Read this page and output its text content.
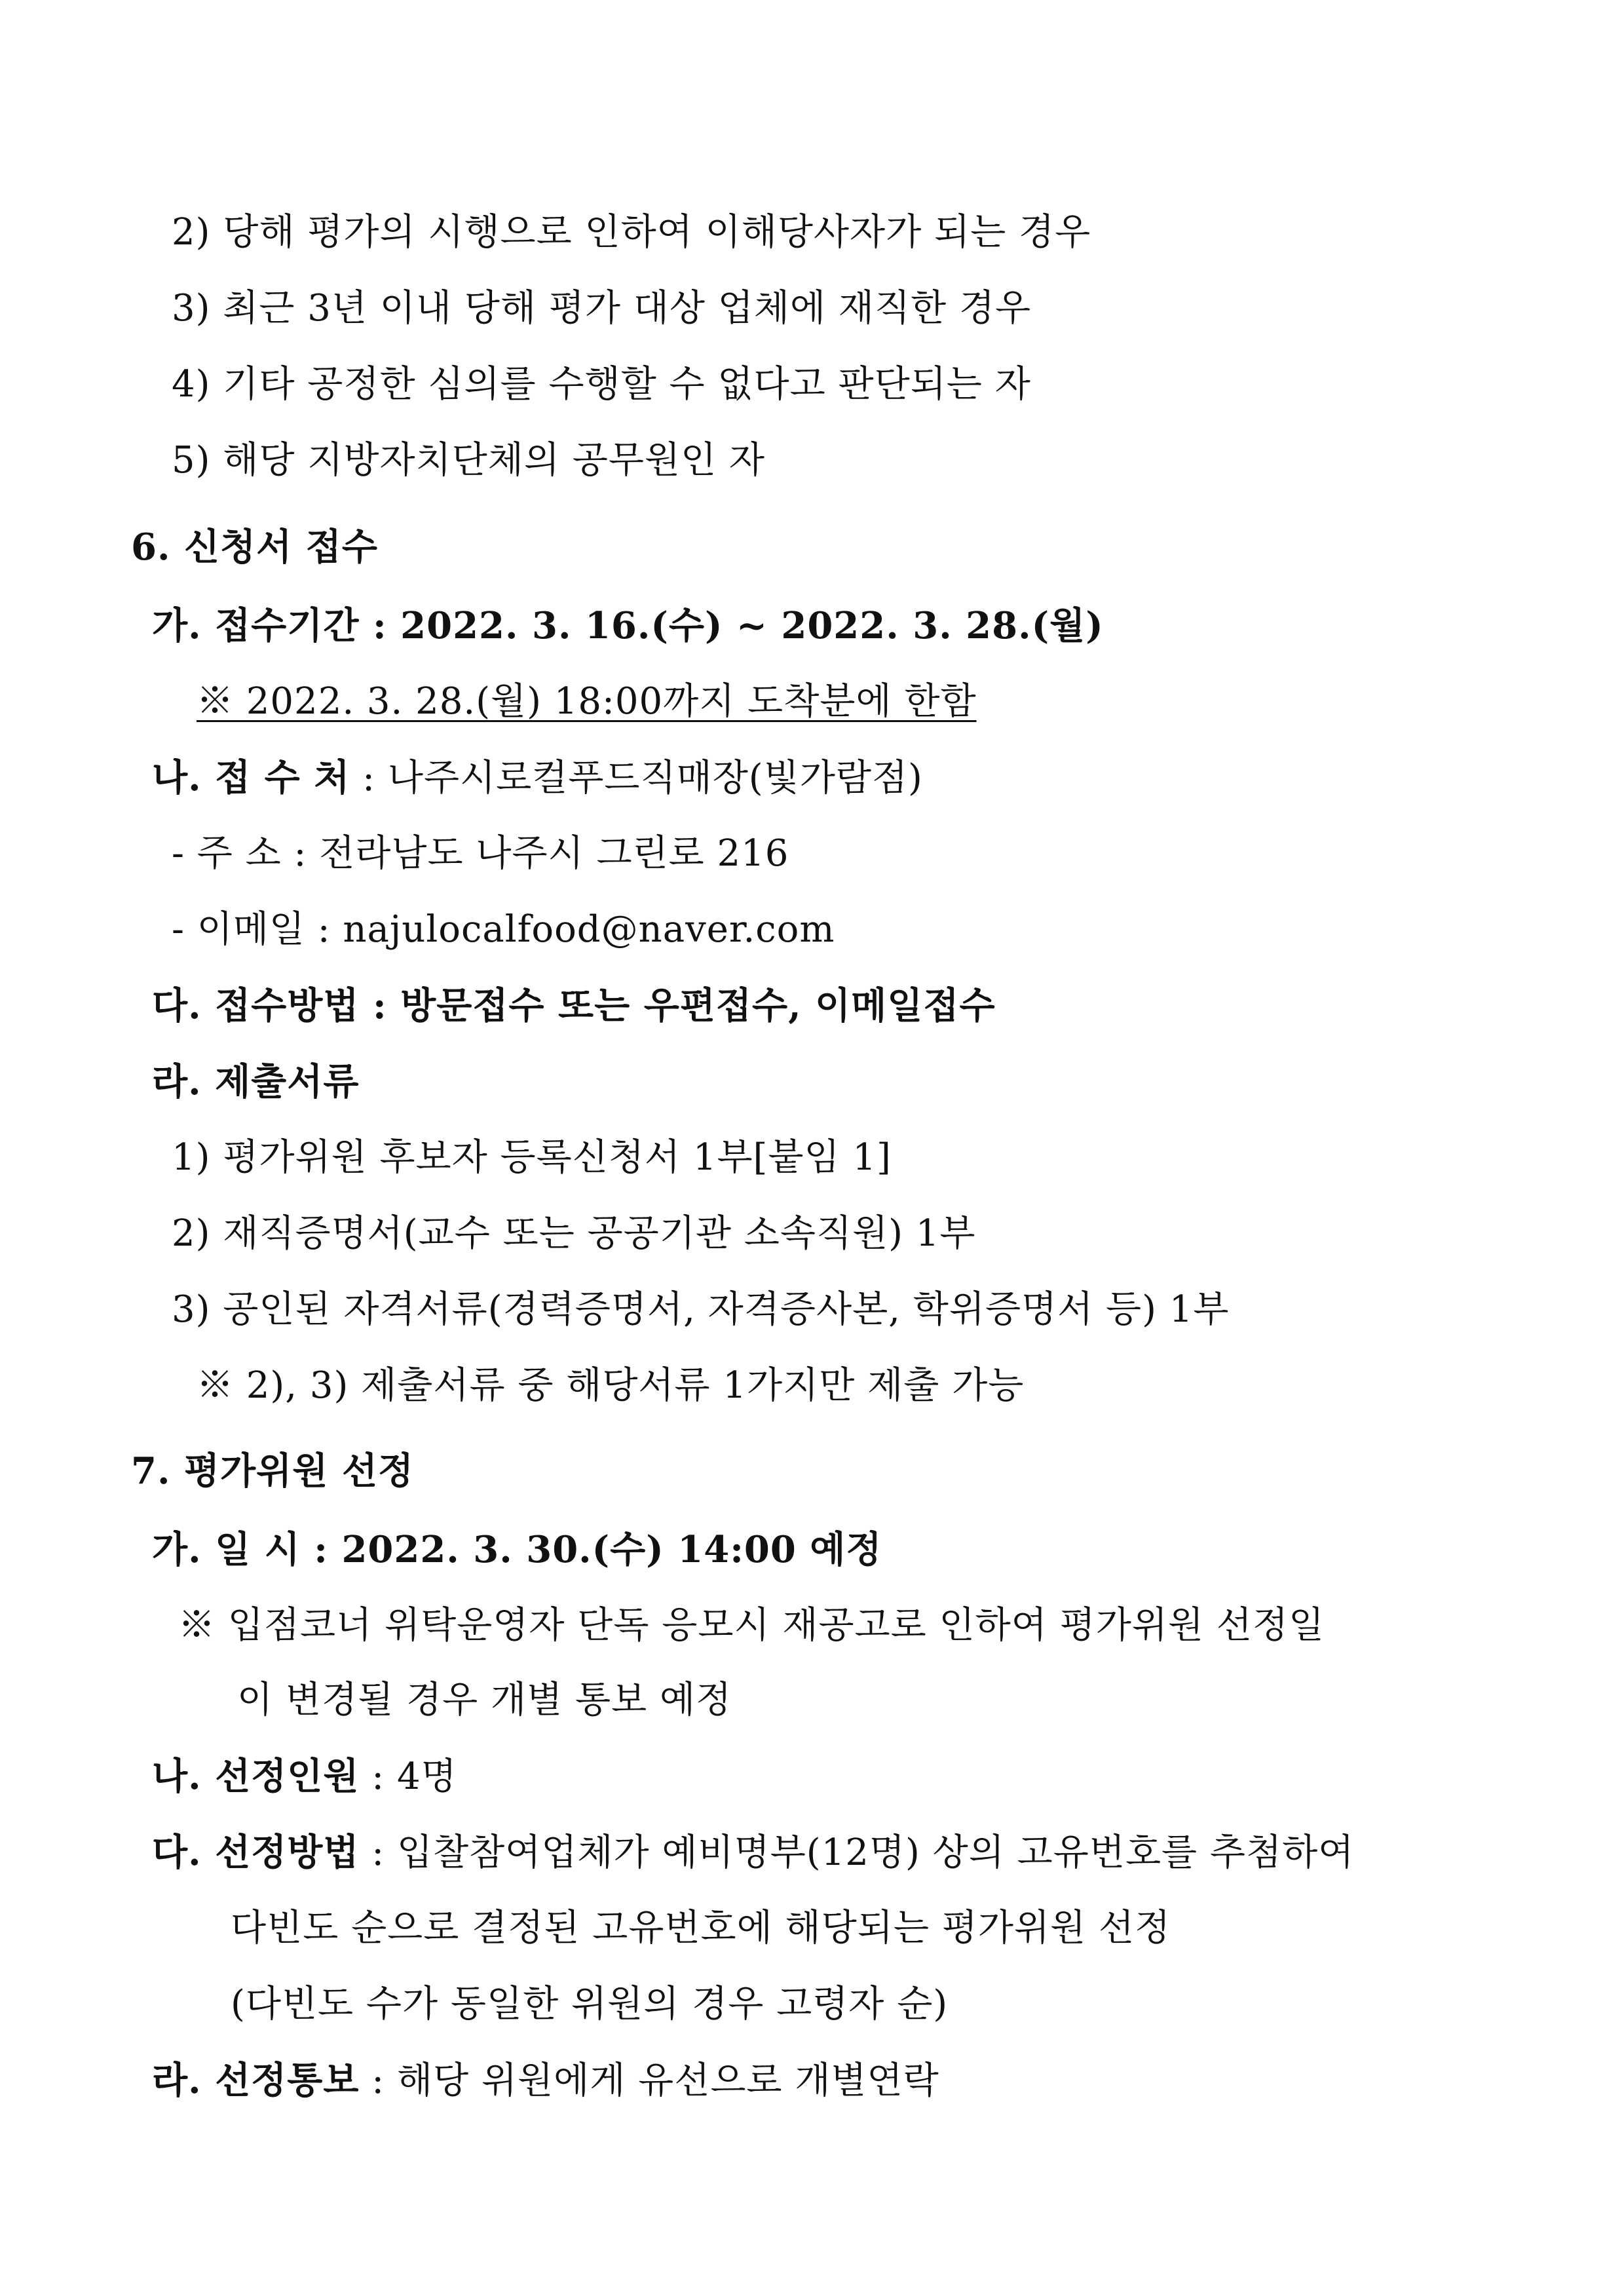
2) 당해 평가의 시행으로 인하여 이해당사자가 되는 경우
3) 최근 3년 이내 당해 평가 대상 업체에 재직한 경우
4) 기타 공정한 심의를 수행할 수 없다고 판단되는 자
5) 해당 지방자치단체의 공무원인 자
6. 신청서 접수
가. 접수기간 : 2022. 3. 16.(수) ~ 2022. 3. 28.(월)
※ 2022. 3. 28.(월) 18:00까지 도착분에 한함
나. 접 수 처 : 나주시로컬푸드직매장(빛가람점)
- 주 소 : 전라남도 나주시 그린로 216
- 이메일 : najulocalfood@naver.com
다. 접수방법 : 방문접수 또는 우편접수, 이메일접수
라. 제출서류
1) 평가위원 후보자 등록신청서 1부[붙임 1]
2) 재직증명서(교수 또는 공공기관 소속직원) 1부
3) 공인된 자격서류(경력증명서, 자격증사본, 학위증명서 등) 1부
※ 2), 3) 제출서류 중 해당서류 1가지만 제출 가능
7. 평가위원 선정
가. 일 시 : 2022. 3. 30.(수) 14:00 예정
※ 입점코너 위탁운영자 단독 응모시 재공고로 인하여 평가위원 선정일
이 변경될 경우 개별 통보 예정
나. 선정인원 : 4명
다. 선정방법 : 입찰참여업체가 예비명부(12명) 상의 고유번호를 추첨하여
다빈도 순으로 결정된 고유번호에 해당되는 평가위원 선정
(다빈도 수가 동일한 위원의 경우 고령자 순)
라. 선정통보 : 해당 위원에게 유선으로 개별연락
